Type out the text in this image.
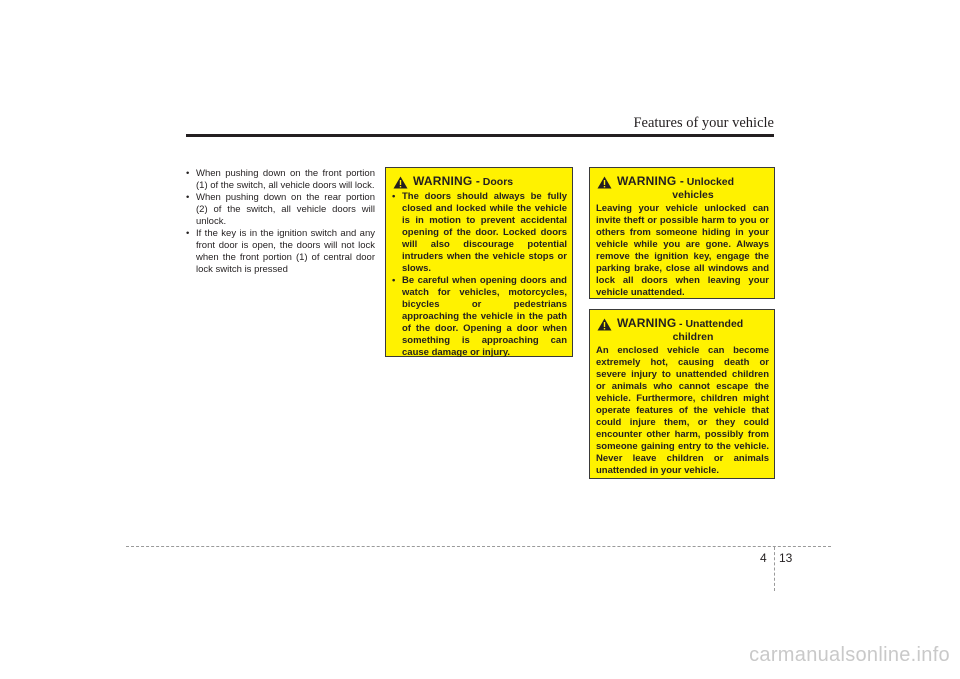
Features of your vehicle
• When pushing down on the front portion (1) of the switch, all vehicle doors will lock.
• When pushing down on the rear portion (2) of the switch, all vehicle doors will unlock.
• If the key is in the ignition switch and any front door is open, the doors will not lock when the front portion (1) of central door lock switch is pressed
WARNING - Doors
• The doors should always be fully closed and locked while the vehicle is in motion to prevent accidental opening of the door. Locked doors will also discourage potential intruders when the vehicle stops or slows.
• Be careful when opening doors and watch for vehicles, motorcycles, bicycles or pedestrians approaching the vehicle in the path of the door. Opening a door when something is approaching can cause damage or injury.
WARNING - Unlocked
vehicles

Leaving your vehicle unlocked can invite theft or possible harm to you or others from someone hiding in your vehicle while you are gone. Always remove the ignition key, engage the parking brake, close all windows and lock all doors when leaving your vehicle unattended.

WARNING - Unattended
children

An enclosed vehicle can become extremely hot, causing death or severe injury to unattended children or animals who cannot escape the vehicle. Furthermore, children might operate features of the vehicle that could injure them, or they could encounter other harm, possibly from someone gaining entry to the vehicle. Never leave children or animals unattended in your vehicle.

4 13
carmanualsonline.info
